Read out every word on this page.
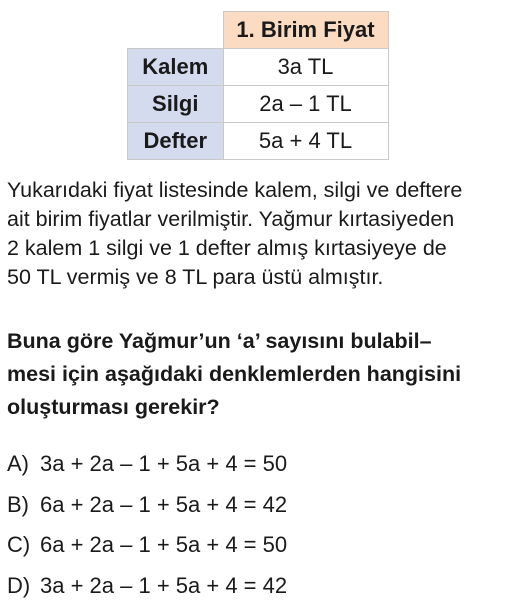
	1. Birim Fiyat
Kalem	3a TL
Silgi	2a – 1 TL
Defter	5a + 4 TL
Yukarıdaki fiyat listesinde kalem, silgi ve deftere
ait birim fiyatlar verilmiştir. Yağmur kırtasiyeden
2 kalem 1 silgi ve 1 defter almış kırtasiyeye de
50 TL vermiş ve 8 TL para üstü almıştır.
Buna göre Yağmur’un ‘a’ sayısını bulabil–
mesi için aşağıdaki denklemlerden hangisini
oluşturması gerekir?
A) 3a + 2a – 1 + 5a + 4 = 50
B) 6a + 2a – 1 + 5a + 4 = 42
C) 6a + 2a – 1 + 5a + 4 = 50
D) 3a + 2a – 1 + 5a + 4 = 42
